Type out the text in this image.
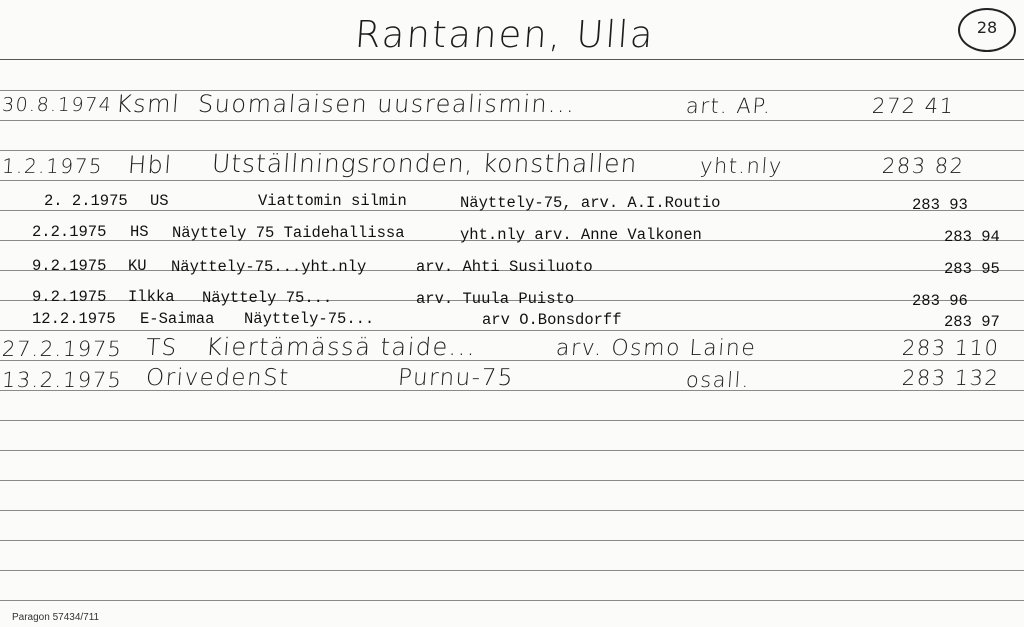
Rantanen, Ulla	28
30.8.1974 Ksml Suomalaisen uusrealismin...	art. AP.	272 41
1.2.1975 Hbl Utställningsronden, konsthallen	yht.nly	283 82
2. 2.1975 US	Viattomin silmin	Näyttely-75, arv. A.I.Routio	283 93
2.2.1975 HS Näyttely 75 Taidehallissa	yht.nly arv. Anne Valkonen	283 94
9.2.1975 KU Näyttely-75...yht.nly	arv. Ahti Susiluoto	283 95
9.2.1975 Ilkka Näyttely 75...	arv. Tuula Puisto	283 96
12.2.1975 E-Saimaa Näyttely-75...	arv O.Bonsdorff	283 97
27.2.1975 TS Kiertämässä taide...	arv. Osmo Laine	283 110
13.2.1975 OrivedenSt	Purnu-75	osall.	283 132
Paragon 57434/711
